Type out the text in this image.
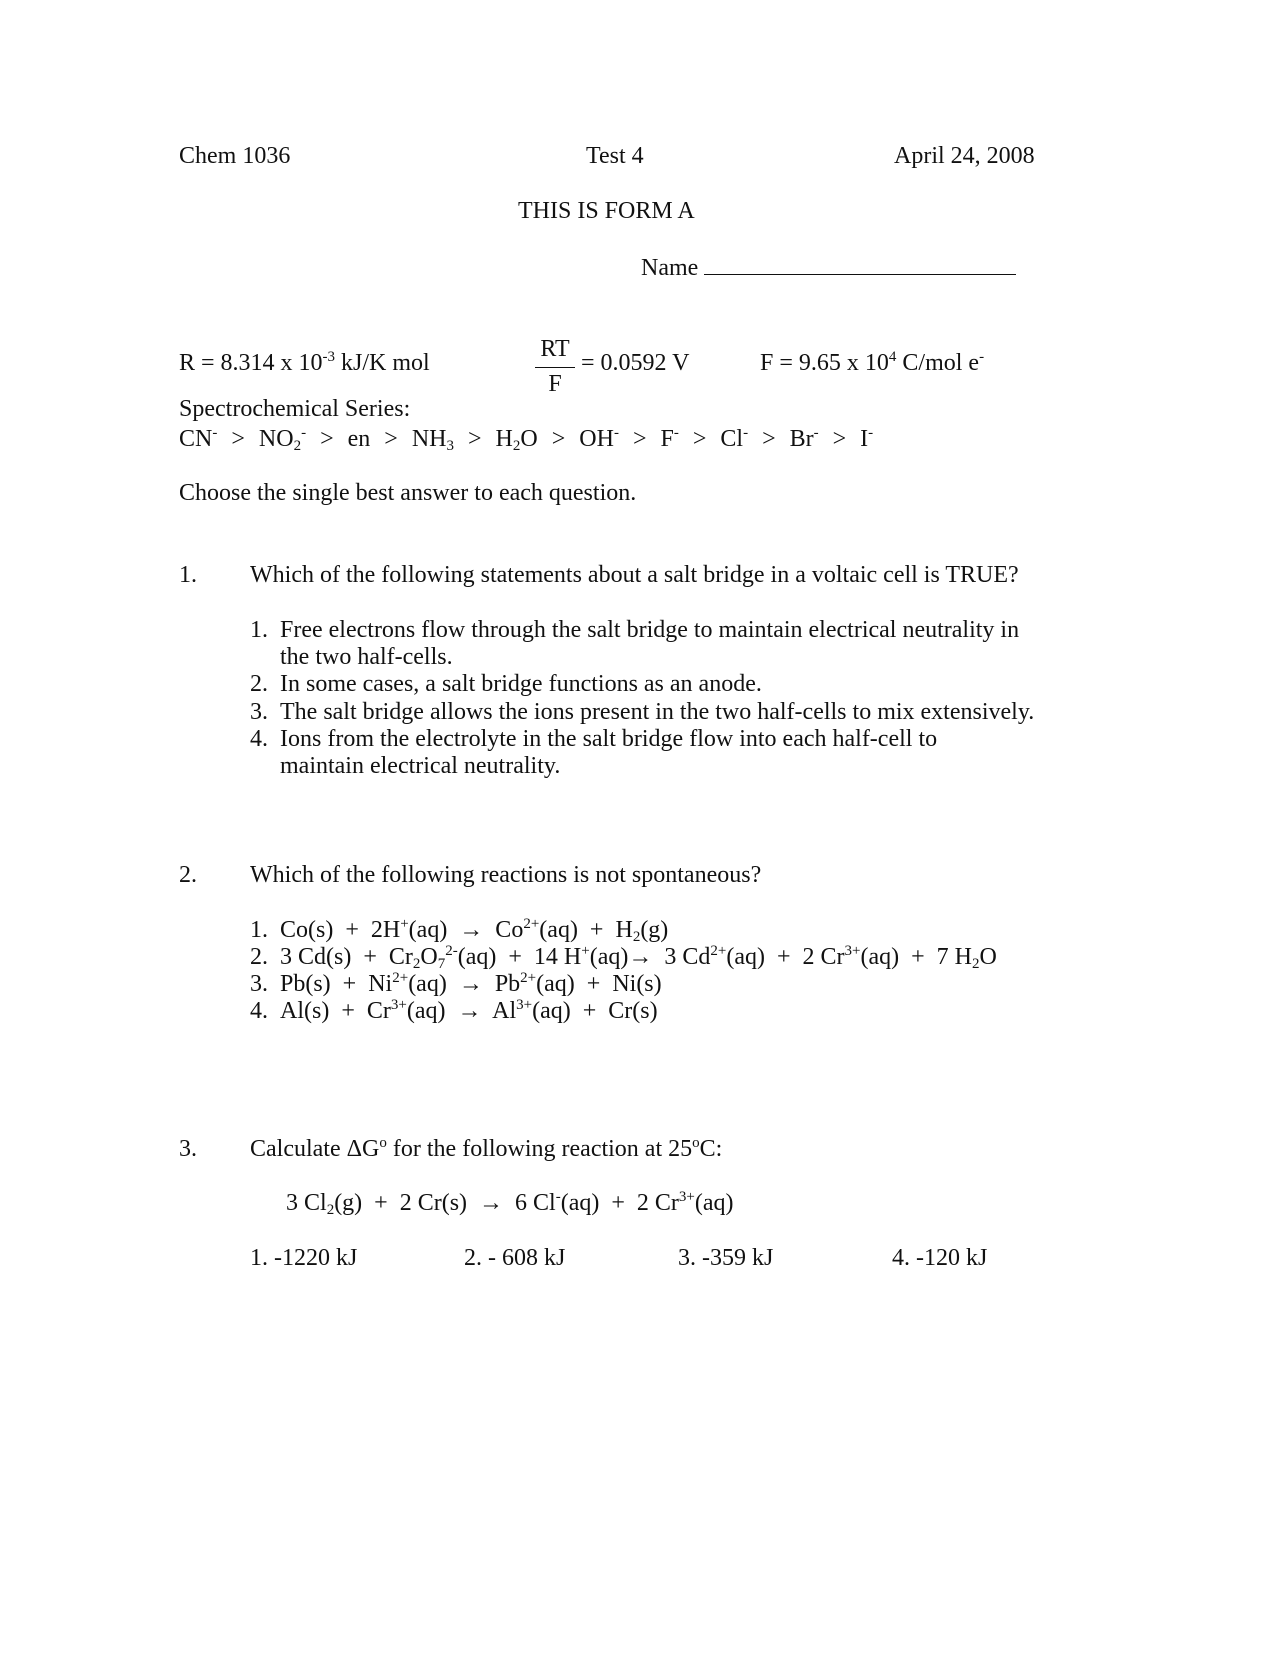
Chem 1036	Test 4	April 24, 2008
THIS IS FORM A
Name
R = 8.314 x $10^{-3}$ kJ/K mol	$\frac{RT}{F} = 0.0592$ V	F = 9.65 x $10^4$ C/mol e-
Spectrochemical Series:
$CN^- > NO_2^-$ > en > $NH_3 > H_2O > OH^- > F^- > Cl^- > Br^- > I^-$
Choose the single best answer to each question.
1. Which of the following statements about a salt bridge in a voltaic cell is TRUE?
1. Free electrons flow through the salt bridge to maintain electrical neutrality in
the two half-cells.
2. In some cases, a salt bridge functions as an anode.
3. The salt bridge allows the ions present in the two half-cells to mix extensively.
4. Ions from the electrolyte in the salt bridge flow into each half-cell to
maintain electrical neutrality.
2. Which of the following reactions is not spontaneous?
1. $Co(s) + 2H^+(aq) \to Co^{2+}(aq) + H_2(g)$
2. 3 $Cd(s) + Cr_2O_7^{2-}(aq) + 14$ H+(aq)→  3 $Cd^{2+}(aq) + 2$ $Cr^{3+}(aq) + 7$ $H_2O$
3. $Pb(s) + Ni^{2+}(aq) \to Pb^{2+}(aq) + Ni(s)$
4. $Al(s) + Cr^{3+}(aq) \to Al^{3+}(aq) + Cr(s)$
3. Calculate $\Delta G^o$ for the following reaction at 25$^o$C:
3 $Cl_2(g) + 2$ Cr(s)  →  6 Cl-(aq)  +  2 $Cr^{3+}(aq)$
1. -1220 kJ	2. - 608 kJ	3. -359 kJ	4. -120 kJ
